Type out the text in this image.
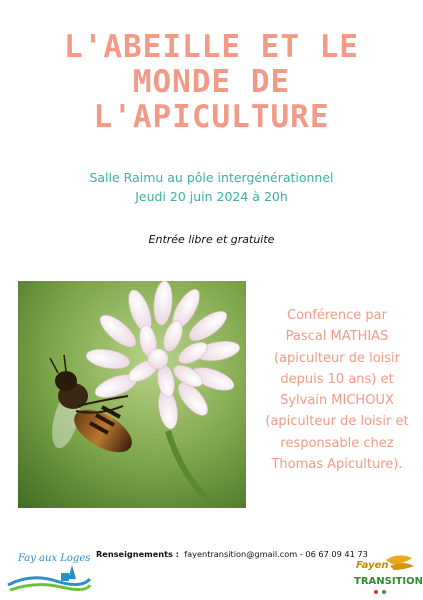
L'ABEILLE ET LE
MONDE DE
L'APICULTURE
Salle Raimu au pôle intergénérationnel
Jeudi 20 juin 2024 à 20h
Entrée libre et gratuite
Conférence par
Pascal MATHIAS
(apiculteur de loisir
depuis 10 ans) et
Sylvain MICHOUX
(apiculteur de loisir et
responsable chez
Thomas Apiculture).
Fay aux Loges Renseignements : fayentransition@gmail.com - 06 67 09 41 73
Fayen
TRANSITION
